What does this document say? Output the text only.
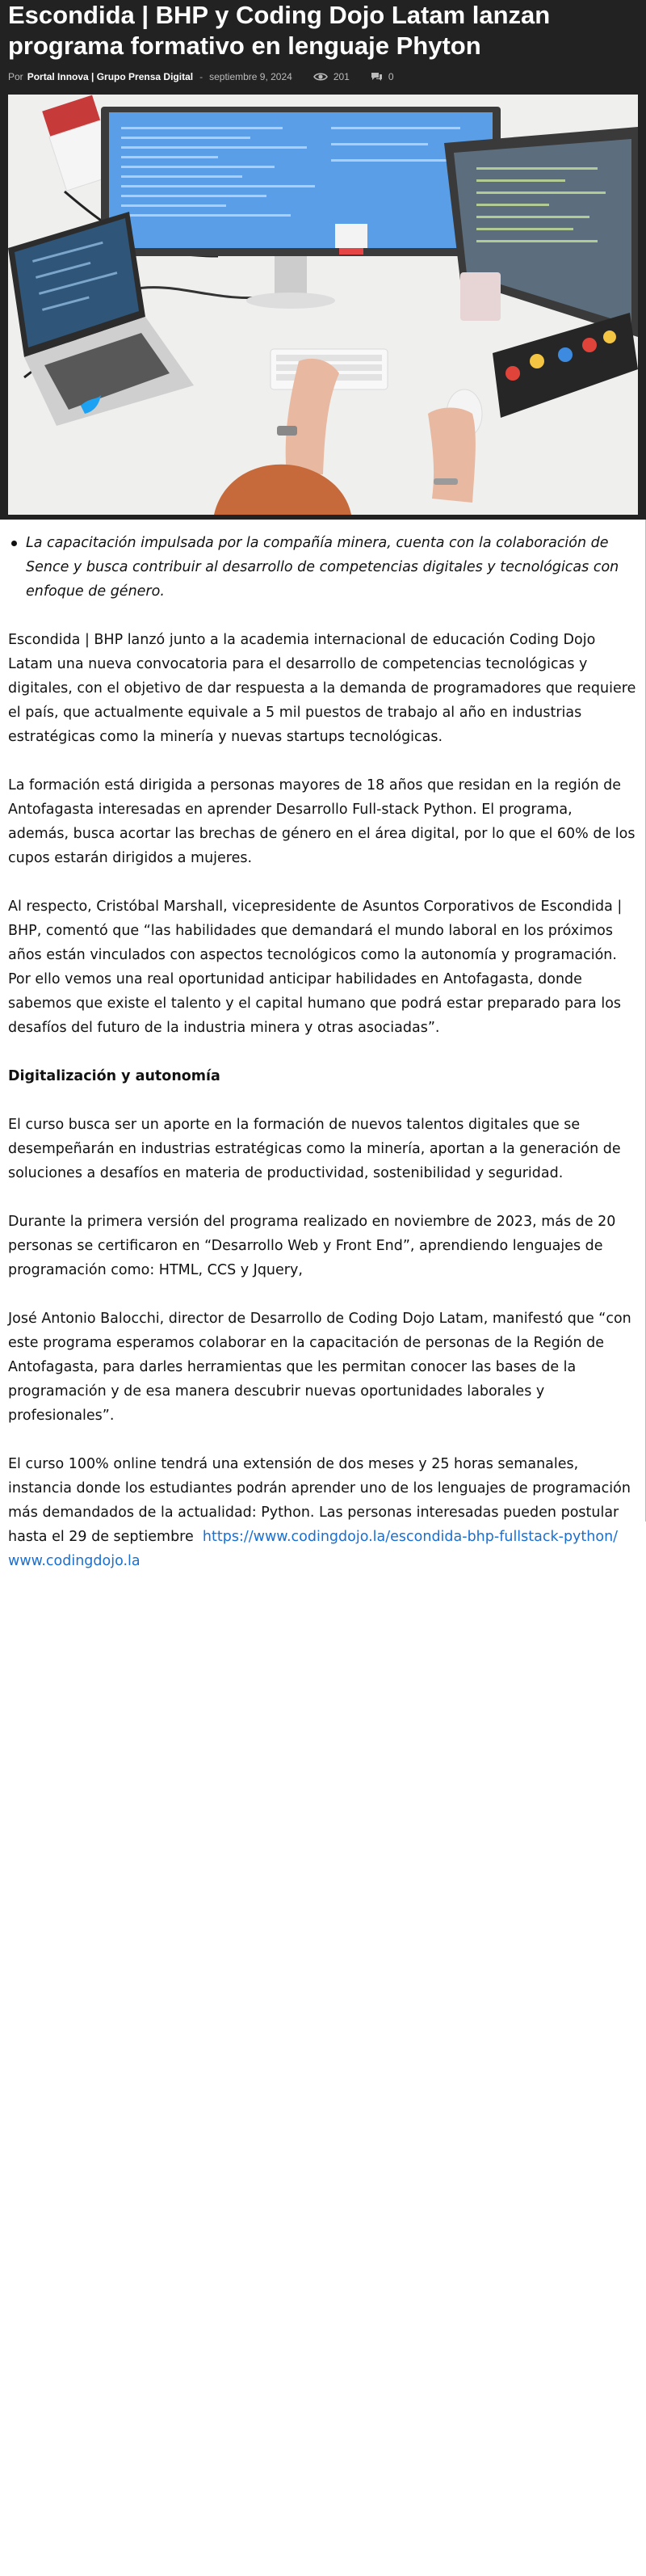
Escondida | BHP y Coding Dojo Latam lanzan programa formativo en lenguaje Phyton
Por Portal Innova | Grupo Prensa Digital - septiembre 9, 2024	201	0
La capacitación impulsada por la compañía minera, cuenta con la colaboración de Sence y busca contribuir al desarrollo de competencias digitales y tecnológicas con enfoque de género.

Escondida | BHP lanzó junto a la academia internacional de educación Coding Dojo Latam una nueva convocatoria para el desarrollo de competencias tecnológicas y digitales, con el objetivo de dar respuesta a la demanda de programadores que requiere el país, que actualmente equivale a 5 mil puestos de trabajo al año en industrias estratégicas como la minería y nuevas startups tecnológicas.

La formación está dirigida a personas mayores de 18 años que residan en la región de Antofagasta interesadas en aprender Desarrollo Full-stack Python. El programa, además, busca acortar las brechas de género en el área digital, por lo que el 60% de los cupos estarán dirigidos a mujeres.

Al respecto, Cristóbal Marshall, vicepresidente de Asuntos Corporativos de Escondida | BHP, comentó que “las habilidades que demandará el mundo laboral en los próximos años están vinculados con aspectos tecnológicos como la autonomía y programación. Por ello vemos una real oportunidad anticipar habilidades en Antofagasta, donde sabemos que existe el talento y el capital humano que podrá estar preparado para los desafíos del futuro de la industria minera y otras asociadas”.

Digitalización y autonomía

El curso busca ser un aporte en la formación de nuevos talentos digitales que se desempeñarán en industrias estratégicas como la minería, aportan a la generación de soluciones a desafíos en materia de productividad, sostenibilidad y seguridad.

Durante la primera versión del programa realizado en noviembre de 2023, más de 20 personas se certificaron en “Desarrollo Web y Front End”, aprendiendo lenguajes de programación como: HTML, CCS y Jquery,

José Antonio Balocchi, director de Desarrollo de Coding Dojo Latam, manifestó que “con este programa esperamos colaborar en la capacitación de personas de la Región de Antofagasta, para darles herramientas que les permitan conocer las bases de la programación y de esa manera descubrir nuevas oportunidades laborales y profesionales”.

El curso 100% online tendrá una extensión de dos meses y 25 horas semanales, instancia donde los estudiantes podrán aprender uno de los lenguajes de programación más demandados de la actualidad: Python. Las personas interesadas pueden postular hasta el 29 de septiembre https://www.codingdojo.la/escondida-bhp-fullstack-python/
www.codingdojo.la
